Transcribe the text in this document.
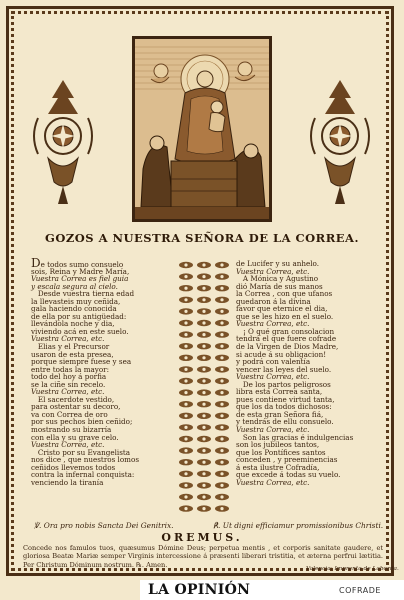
GOZOS A NUESTRA SEÑORA DE LA CORREA.
De todos sumo consuelo
sois, Reina y Madre María,
Vuestra Correa es fiel guia
y escala segura al cielo.
Desde vuestra tierna edad
la llevasteis muy ceñida,
gala haciendo conocida
de ella por su antigüedad:
llevándola noche y dia,
viviendo acá en este suelo.
Vuestra Correa, etc.
Elias y el Precursor
usaron de esta presea,
porque siempre fuese y sea
entre todas la mayor:
todo del hoy á porfia
se la ciñe sin recelo.
Vuestra Correa, etc.
El sacerdote vestido,
para ostentar su decoro,
va con Correa de oro
por sus pechos bien ceñido;
mostrando su bizarría
con ella y su grave celo.
Vuestra Correa, etc.
Cristo por su Evangelista
nos dice , que nuestros lomos
ceñidos llevemos todos
contra la infernal conquista:
venciendo la tiranía
de Lucifer y su anhelo.
Vuestra Correa, etc.
A Mónica y Agustino
dió María de sus manos
la Correa , con que ufanos
quedaron á la divina
favor que eternice el dia,
que se les hizo en el suelo.
Vuestra Correa, etc.
¡ O qué gran consolacion
tendrá el que fuere cofrade
de la Virgen de Dios Madre,
si acude á su obligacion!
y podrá con valentía
vencer las leyes del suelo.
Vuestra Correa, etc.
De los partos peligrosos
libra esta Correa santa,
pues contiene virtud tanta,
que los da todos dichosos:
de esta gran Señora fiá,
y tendrás de ellu consuelo.
Vuestra Correa, etc.
Son las gracias é indulgencias
son los jubileos tantos,
que los Pontífices santos
conceden , y preeminencias
á esta ilustre Cofradía,
que excede á todas su vuelo.
Vuestra Correa, etc.
℣. Ora pro nobis Sancta Dei Genitrix.	℟. Ut digni efficiamur promissionibus Christi.
OREMUS.
Concede nos famulos tuos, quæsumus Dómine Deus; perpetua mentis , et corporis sanitate gaudere, et gloriosa Beatæ Mariæ semper Virginis intercessione á præsenti liberari tristitia, et æterna perfrui lætitia. Per Christum Dóminum nostrum. ℞. Amen.
Valencia: Imprenta de Laborda.
LA OPINIÓN	COFRADE
